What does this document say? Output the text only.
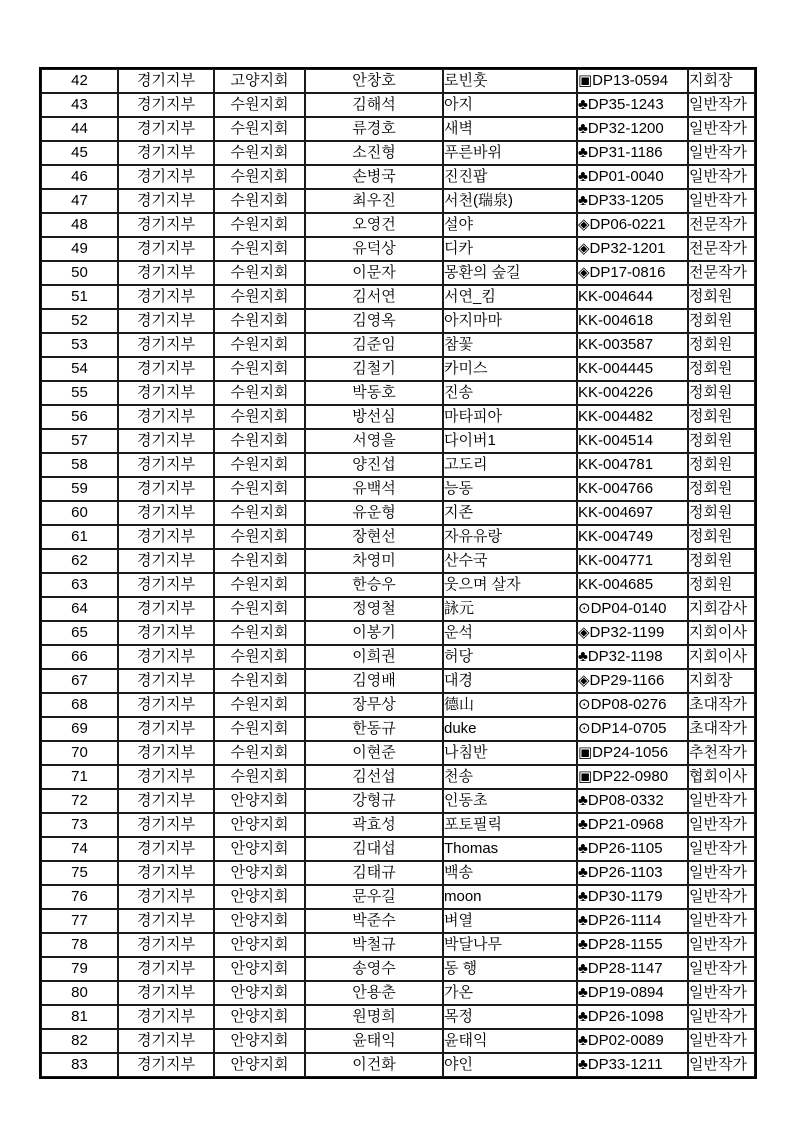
42	경기지부	고양지회	안창호	로빈훗	▣DP13-0594	지회장
43	경기지부	수원지회	김해석	아지	♣DP35-1243	일반작가
44	경기지부	수원지회	류경호	새벽	♣DP32-1200	일반작가
45	경기지부	수원지회	소진형	푸른바위	♣DP31-1186	일반작가
46	경기지부	수원지회	손병국	진진팝	♣DP01-0040	일반작가
47	경기지부	수원지회	최우진	서천(瑞泉)	♣DP33-1205	일반작가
48	경기지부	수원지회	오영건	설야	◈DP06-0221	전문작가
49	경기지부	수원지회	유덕상	디카	◈DP32-1201	전문작가
50	경기지부	수원지회	이문자	몽환의 숲길	◈DP17-0816	전문작가
51	경기지부	수원지회	김서연	서연_킴	KK-004644	정회원
52	경기지부	수원지회	김영옥	아지마마	KK-004618	정회원
53	경기지부	수원지회	김준임	참꽃	KK-003587	정회원
54	경기지부	수원지회	김철기	카미스	KK-004445	정회원
55	경기지부	수원지회	박동호	진송	KK-004226	정회원
56	경기지부	수원지회	방선심	마타피아	KK-004482	정회원
57	경기지부	수원지회	서영을	다이버1	KK-004514	정회원
58	경기지부	수원지회	양진섭	고도리	KK-004781	정회원
59	경기지부	수원지회	유백석	능동	KK-004766	정회원
60	경기지부	수원지회	유운형	지존	KK-004697	정회원
61	경기지부	수원지회	장현선	자유유랑	KK-004749	정회원
62	경기지부	수원지회	차영미	산수국	KK-004771	정회원
63	경기지부	수원지회	한승우	웃으며 살자	KK-004685	정회원
64	경기지부	수원지회	정영철	詠元	⊙DP04-0140	지회감사
65	경기지부	수원지회	이봉기	운석	◈DP32-1199	지회이사
66	경기지부	수원지회	이희권	허당	♣DP32-1198	지회이사
67	경기지부	수원지회	김영배	대경	◈DP29-1166	지회장
68	경기지부	수원지회	장무상	德山	⊙DP08-0276	초대작가
69	경기지부	수원지회	한동규	duke	⊙DP14-0705	초대작가
70	경기지부	수원지회	이현준	나침반	▣DP24-1056	추천작가
71	경기지부	수원지회	김선섭	천송	▣DP22-0980	협회이사
72	경기지부	안양지회	강형규	인동초	♣DP08-0332	일반작가
73	경기지부	안양지회	곽효성	포토필릭	♣DP21-0968	일반작가
74	경기지부	안양지회	김대섭	Thomas	♣DP26-1105	일반작가
75	경기지부	안양지회	김태규	백송	♣DP26-1103	일반작가
76	경기지부	안양지회	문우길	moon	♣DP30-1179	일반작가
77	경기지부	안양지회	박준수	벼열	♣DP26-1114	일반작가
78	경기지부	안양지회	박철규	박달나무	♣DP28-1155	일반작가
79	경기지부	안양지회	송영수	동 행	♣DP28-1147	일반작가
80	경기지부	안양지회	안용춘	가온	♣DP19-0894	일반작가
81	경기지부	안양지회	원명희	목정	♣DP26-1098	일반작가
82	경기지부	안양지회	윤태익	윤태익	♣DP02-0089	일반작가
83	경기지부	안양지회	이건화	야인	♣DP33-1211	일반작가
